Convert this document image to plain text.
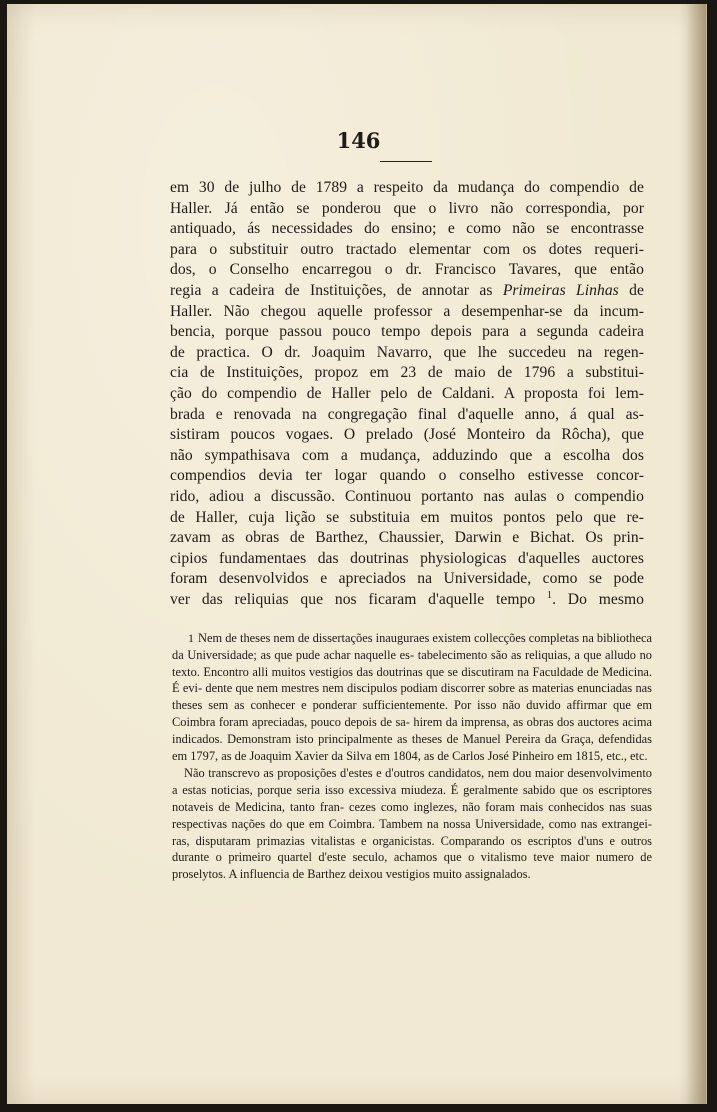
146
em 30 de julho de 1789 a respeito da mudança do compendio de
Haller. Já então se ponderou que o livro não correspondia, por
antiquado, ás necessidades do ensino; e como não se encontrasse
para o substituir outro tractado elementar com os dotes requeri-
dos, o Conselho encarregou o dr. Francisco Tavares, que então
regia a cadeira de Instituições, de annotar as Primeiras Linhas de
Haller. Não chegou aquelle professor a desempenhar-se da incum-
bencia, porque passou pouco tempo depois para a segunda cadeira
de practica. O dr. Joaquim Navarro, que lhe succedeu na regen-
cia de Instituições, propoz em 23 de maio de 1796 a substitui-
ção do compendio de Haller pelo de Caldani. A proposta foi lem-
brada e renovada na congregação final d'aquelle anno, á qual as-
sistiram poucos vogaes. O prelado (José Monteiro da Rôcha), que
não sympathisava com a mudança, adduzindo que a escolha dos
compendios devia ter logar quando o conselho estivesse concor-
rido, adiou a discussão. Continuou portanto nas aulas o compendio
de Haller, cuja lição se substituia em muitos pontos pelo que re-
zavam as obras de Barthez, Chaussier, Darwin e Bichat. Os prin-
cipios fundamentaes das doutrinas physiologicas d'aquelles auctores
foram desenvolvidos e apreciados na Universidade, como se pode
ver das reliquias que nos ficaram d'aquelle tempo $^1$. Do mesmo
1 Nem de theses nem de dissertações inauguraes existem collecções completas na bibliotheca da Universidade; as que pude achar naquelle es- tabelecimento são as reliquias, a que alludo no texto. Encontro alli muitos vestigios das doutrinas que se discutiram na Faculdade de Medicina. É evi- dente que nem mestres nem discipulos podiam discorrer sobre as materias enunciadas nas theses sem as conhecer e ponderar sufficientemente. Por isso não duvido affirmar que em Coimbra foram apreciadas, pouco depois de sa- hirem da imprensa, as obras dos auctores acima indicados. Demonstram isto principalmente as theses de Manuel Pereira da Graça, defendidas em 1797, as de Joaquim Xavier da Silva em 1804, as de Carlos José Pinheiro em 1815, etc., etc.
Não transcrevo as proposições d'estes e d'outros candidatos, nem dou maior desenvolvimento a estas noticias, porque seria isso excessiva miudeza. É geralmente sabido que os escriptores notaveis de Medicina, tanto fran- cezes como inglezes, não foram mais conhecidos nas suas respectivas nações do que em Coimbra. Tambem na nossa Universidade, como nas extrangei- ras, disputaram primazias vitalistas e organicistas. Comparando os escriptos d'uns e outros durante o primeiro quartel d'este seculo, achamos que o vitalismo teve maior numero de proselytos. A influencia de Barthez deixou vestigios muito assignalados.
